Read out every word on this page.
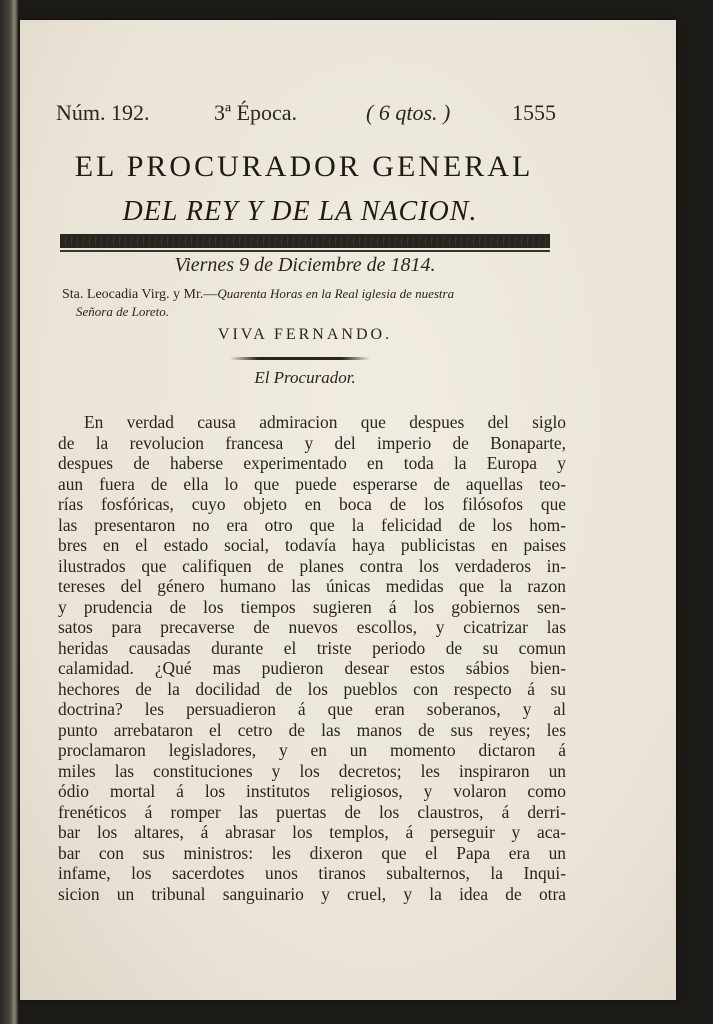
Núm. 192.	3ª Época.	( 6 qtos. )	1555
EL PROCURADOR GENERAL
DEL REY Y DE LA NACION.
Viernes 9 de Diciembre de 1814.
Sta. Leocadia Virg. y Mr.—Quarenta Horas en la Real iglesia de nuestra
Señora de Loreto.
VIVA FERNANDO.
El Procurador.
En verdad causa admiracion que despues del siglo
de la revolucion francesa y del imperio de Bonaparte,
despues de haberse experimentado en toda la Europa y
aun fuera de ella lo que puede esperarse de aquellas teo-
rías fosfóricas, cuyo objeto en boca de los filósofos que
las presentaron no era otro que la felicidad de los hom-
bres en el estado social, todavía haya publicistas en paises
ilustrados que califiquen de planes contra los verdaderos in-
tereses del género humano las únicas medidas que la razon
y prudencia de los tiempos sugieren á los gobiernos sen-
satos para precaverse de nuevos escollos, y cicatrizar las
heridas causadas durante el triste periodo de su comun
calamidad. ¿Qué mas pudieron desear estos sábios bien-
hechores de la docilidad de los pueblos con respecto á su
doctrina? les persuadieron á que eran soberanos, y al
punto arrebataron el cetro de las manos de sus reyes; les
proclamaron legisladores, y en un momento dictaron á
miles las constituciones y los decretos; les inspiraron un
ódio mortal á los institutos religiosos, y volaron como
frenéticos á romper las puertas de los claustros, á derri-
bar los altares, á abrasar los templos, á perseguir y aca-
bar con sus ministros: les dixeron que el Papa era un
infame, los sacerdotes unos tiranos subalternos, la Inqui-
sicion un tribunal sanguinario y cruel, y la idea de otra
